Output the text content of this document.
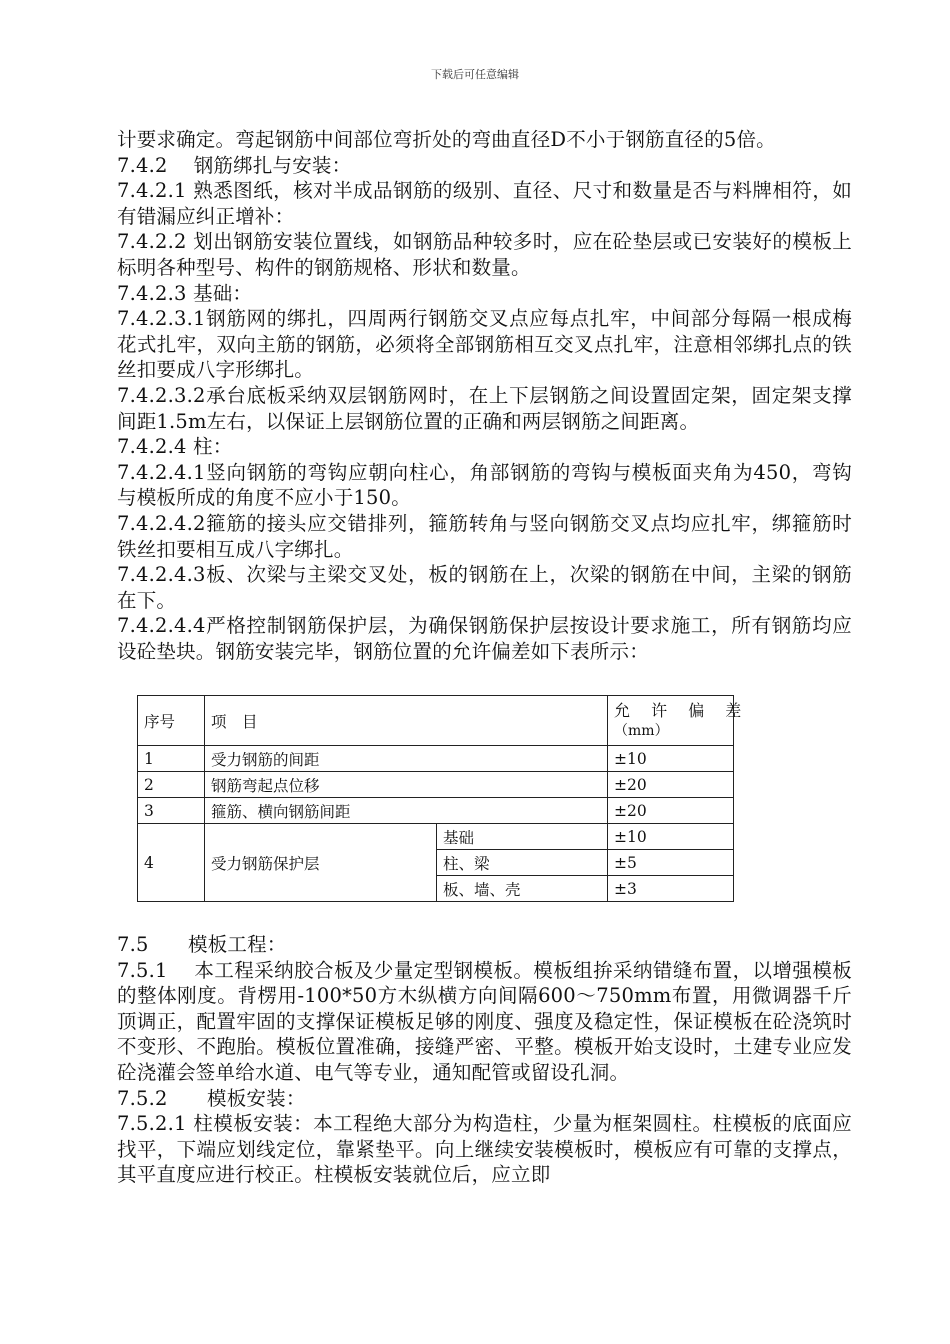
下载后可任意编辑

计要求确定。弯起钢筋中间部位弯折处的弯曲直径D不小于钢筋直径的5倍。

7.4.2　 钢筋绑扎与安装：

7.4.2.1 熟悉图纸，核对半成品钢筋的级别、直径、尺寸和数量是否与料牌相符，如有错漏应纠正增补：

7.4.2.2 划出钢筋安装位置线，如钢筋品种较多时，应在砼垫层或已安装好的模板上标明各种型号、构件的钢筋规格、形状和数量。

7.4.2.3 基础：

7.4.2.3.1钢筋网的绑扎，四周两行钢筋交叉点应每点扎牢，中间部分每隔一根成梅花式扎牢，双向主筋的钢筋，必须将全部钢筋相互交叉点扎牢，注意相邻绑扎点的铁丝扣要成八字形绑扎。

7.4.2.3.2承台底板采纳双层钢筋网时，在上下层钢筋之间设置固定架，固定架支撑间距1.5m左右，以保证上层钢筋位置的正确和两层钢筋之间距离。

7.4.2.4 柱：

7.4.2.4.1竖向钢筋的弯钩应朝向柱心，角部钢筋的弯钩与模板面夹角为450，弯钩与模板所成的角度不应小于150。

7.4.2.4.2箍筋的接头应交错排列，箍筋转角与竖向钢筋交叉点均应扎牢，绑箍筋时铁丝扣要相互成八字绑扎。

7.4.2.4.3板、次梁与主梁交叉处，板的钢筋在上，次梁的钢筋在中间，主梁的钢筋在下。

7.4.2.4.4严格控制钢筋保护层，为确保钢筋保护层按设计要求施工，所有钢筋均应设砼垫块。钢筋安装完毕，钢筋位置的允许偏差如下表所示：

序号	项　目		允 许 偏 差
（mm）

1	受力钢筋的间距		±10
2	钢筋弯起点位移		±20
3	箍筋、横向钢筋间距		±20
4	受力钢筋保护层	基础	±10
		柱、梁	±5
		板、墙、壳	±3

7.5　　模板工程：

7.5.1　 本工程采纳胶合板及少量定型钢模板。模板组拚采纳错缝布置，以增强模板的整体刚度。背楞用-100*50方木纵横方向间隔600～750mm布置，用微调器千斤顶调正，配置牢固的支撑保证模板足够的刚度、强度及稳定性，保证模板在砼浇筑时不变形、不跑胎。模板位置准确，接缝严密、平整。模板开始支设时，土建专业应发砼浇灌会签单给水道、电气等专业，通知配管或留设孔洞。

7.5.2　　模板安装：

7.5.2.1 柱模板安装：本工程绝大部分为构造柱，少量为框架圆柱。柱模板的底面应找平，下端应划线定位，靠紧垫平。向上继续安装模板时，模板应有可靠的支撑点，其平直度应进行校正。柱模板安装就位后，应立即
